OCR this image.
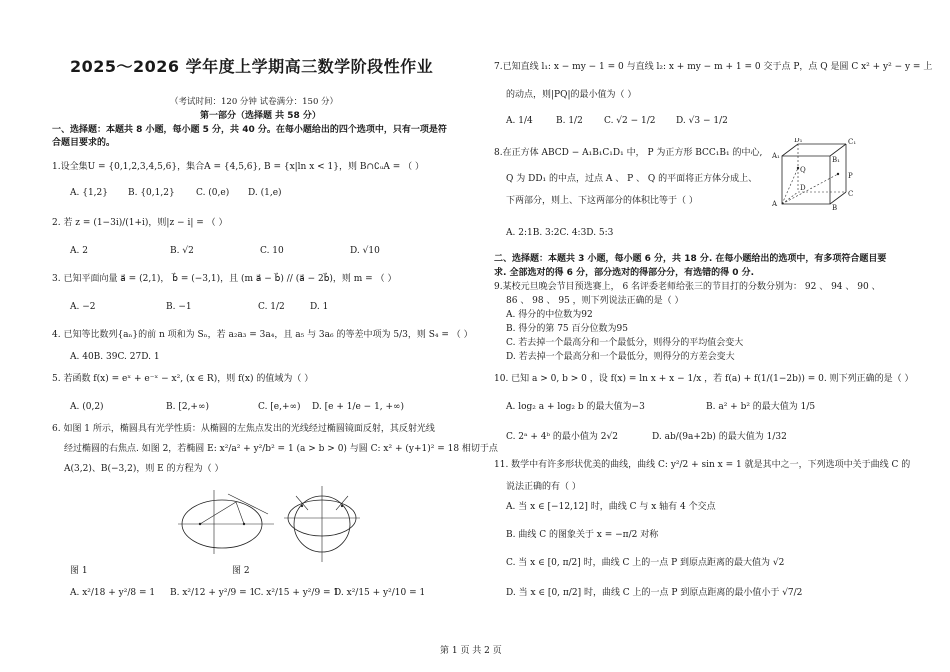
2025～2026 学年度上学期高三数学阶段性作业
（考试时间：120 分钟 试卷满分：150 分）
第一部分（选择题 共 58 分）
一、选择题：本题共 8 小题，每小题 5 分，共 40 分。在每小题给出的四个选项中，只有一项是符
合题目要求的。
1.设全集U = {0,1,2,3,4,5,6}，集合A = {4,5,6}, B = {x|ln x < 1}，则 B∩∁ᵤA = （ ）
A. {1,2} B. {0,1,2} C. (0,e) D. (1,e)
2. 若 z = (1−3i)/(1+i)，则|z − i| = （ ）
A. 2	B. √2	C. 10	D. √10
3. 已知平面向量 a⃗ = (2,1)， b⃗ = (−3,1)，且 (m a⃗ − b⃗) // (a⃗ − 2b⃗)，则 m = （ ）
A. −2	B. −1	C. 1/2	D. 1
4. 已知等比数列{aₙ}的前 n 项和为 Sₙ，若 a₂a₃ = 3a₄，且 a₅ 与 3a₆ 的等差中项为 5/3，则 S₄ = （ ）
A. 40B. 39C. 27D. 1
5. 若函数 f(x) = eˣ + e⁻ˣ − x², (x ∈ R)，则 f(x) 的值域为（ ）
A. (0,2)	B. [2,+∞)	C. [e,+∞) D. [e + 1/e − 1, +∞)
6. 如图 1 所示，椭圆具有光学性质：从椭圆的左焦点发出的光线经过椭圆镜面反射，其反射光线
经过椭圆的右焦点. 如图 2，若椭圆 E: x²/a² + y²/b² = 1 (a > b > 0) 与圆 C: x² + (y+1)² = 18 相切于点
A(3,2)、B(−3,2)，则 E 的方程为（ ）
图 1	图 2
A. x²/18 + y²/8 = 1 B. x²/12 + y²/9 = 1
C. x²/15 + y²/9 = 1
D. x²/15 + y²/10 = 1
7.已知直线 l₁: x − my − 1 = 0 与直线 l₂: x + my − m + 1 = 0 交于点 P，点 Q 是圆 C x² + y² − y = 上
的动点，则|PQ|的最小值为（ ）
A. 1/4	B. 1/2 C. √2 − 1/2 D. √3 − 1/2
8.在正方体 ABCD − A₁B₁C₁D₁ 中， P 为正方形 BCC₁B₁ 的中心,
Q 为 DD₁ 的中点，过点 A 、 P 、 Q 的平面将正方体分成上、
下两部分，则上、下这两部分的体积比等于（ ）
A. 2:1B. 3:2C. 4:3D. 5:3
D₁	C₁
A₁	B₁
Q
P
D
C
A	B
二、选择题：本题共 3 小题，每小题 6 分，共 18 分. 在每小题给出的选项中，有多项符合题目要
求. 全部选对的得 6 分，部分选对的得部分分，有选错的得 0 分.
9.某校元旦晚会节目预选赛上， 6 名评委老师给张三的节目打的分数分别为： 92 、 94 、 90 、
86 、 98 、 95 ，则下列说法正确的是（ ）
A. 得分的中位数为92
B. 得分的第 75 百分位数为95
C. 若去掉一个最高分和一个最低分，则得分的平均值会变大
D. 若去掉一个最高分和一个最低分，则得分的方差会变大
10. 已知 a > 0, b > 0 ，设 f(x) = ln x + x − 1/x ，若 f(a) + f(1/(1−2b)) = 0. 则下列正确的是（ ）
A. log₂ a + log₂ b 的最大值为−3	B. a² + b² 的最大值为 1/5
C. 2ᵃ + 4ᵇ 的最小值为 2√2	D. ab/(9a+2b) 的最大值为 1/32
11. 数学中有许多形状优美的曲线，曲线 C: y²/2 + sin x = 1 就是其中之一，下列选项中关于曲线 C 的
说法正确的有（ ）
A. 当 x ∈ [−12,12] 时，曲线 C 与 x 轴有 4 个交点
B. 曲线 C 的图象关于 x = −π/2 对称
C. 当 x ∈ [0, π/2] 时，曲线 C 上的一点 P 到原点距离的最大值为 √2
D. 当 x ∈ [0, π/2] 时，曲线 C 上的一点 P 到原点距离的最小值小于 √7/2
第 1 页 共 2 页
